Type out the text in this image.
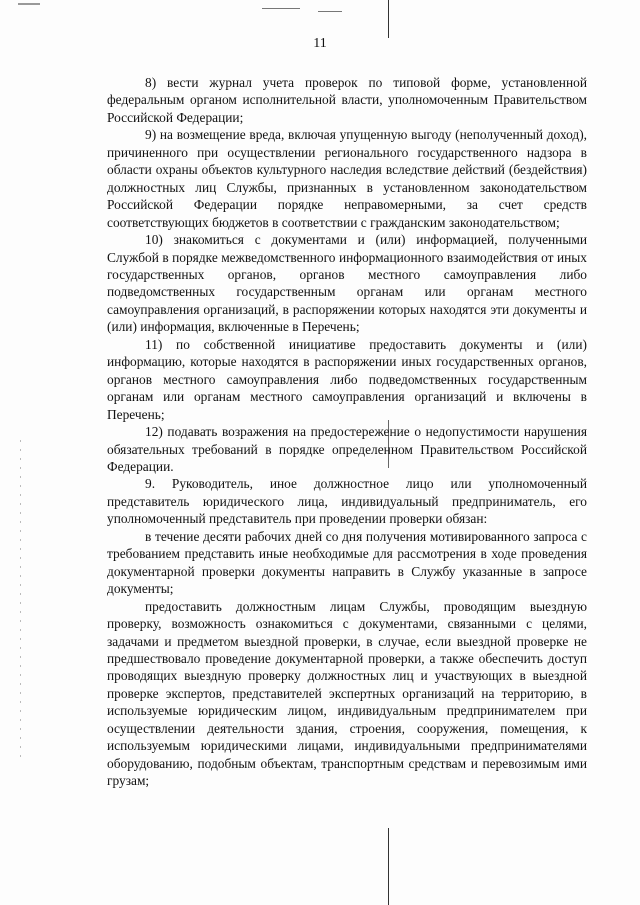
11

8) вести журнал учета проверок по типовой форме, установленной федеральным органом исполнительной власти, уполномоченным Правительством Российской Федерации;

9) на возмещение вреда, включая упущенную выгоду (неполученный доход), причиненного при осуществлении регионального государственного надзора в области охраны объектов культурного наследия вследствие действий (бездействия) должностных лиц Службы, признанных в установленном законодательством Российской Федерации порядке неправомерными, за счет средств соответствующих бюджетов в соответствии с гражданским законодательством;

10) знакомиться с документами и (или) информацией, полученными Службой в порядке межведомственного информационного взаимодействия от иных государственных органов, органов местного самоуправления либо подведомственных государственным органам или органам местного самоуправления организаций, в распоряжении которых находятся эти документы и (или) информация, включенные в Перечень;

11) по собственной инициативе предоставить документы и (или) информацию, которые находятся в распоряжении иных государственных органов, органов местного самоуправления либо подведомственных государственным органам или органам местного самоуправления организаций и включены в Перечень;

12) подавать возражения на предостережение о недопустимости нарушения обязательных требований в порядке определенном Правительством Российской Федерации.

9. Руководитель, иное должностное лицо или уполномоченный представитель юридического лица, индивидуальный предприниматель, его уполномоченный представитель при проведении проверки обязан:

в течение десяти рабочих дней со дня получения мотивированного запроса с требованием представить иные необходимые для рассмотрения в ходе проведения документарной проверки документы направить в Службу указанные в запросе документы;

предоставить должностным лицам Службы, проводящим выездную проверку, возможность ознакомиться с документами, связанными с целями, задачами и предметом выездной проверки, в случае, если выездной проверке не предшествовало проведение документарной проверки, а также обеспечить доступ проводящих выездную проверку должностных лиц и участвующих в выездной проверке экспертов, представителей экспертных организаций на территорию, в используемые юридическим лицом, индивидуальным предпринимателем при осуществлении деятельности здания, строения, сооружения, помещения, к используемым юридическими лицами, индивидуальными предпринимателями оборудованию, подобным объектам, транспортным средствам и перевозимым ими грузам;
